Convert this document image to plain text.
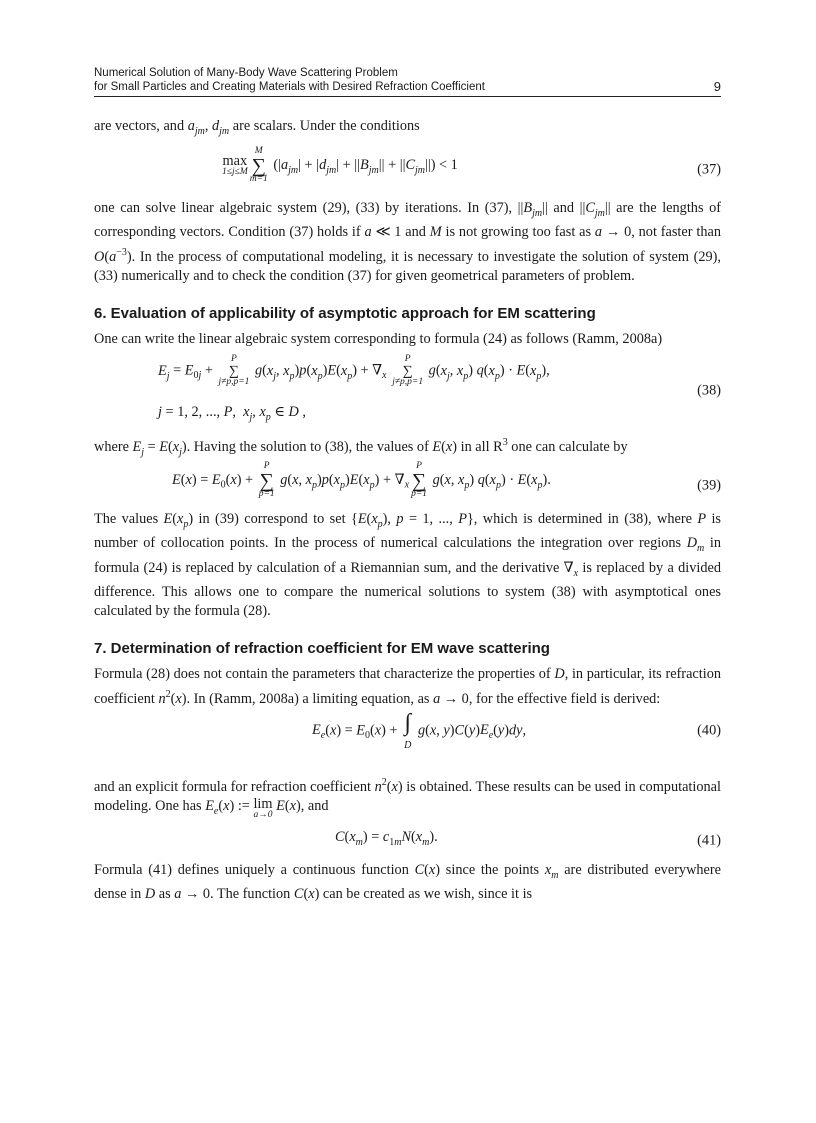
Numerical Solution of Many-Body Wave Scattering Problem
for Small Particles and Creating Materials with Desired Refraction Coefficient	9

are vectors, and $a_{jm}$, $d_{jm}$ are scalars. Under the conditions

max
1≤j≤M
M
∑
m=1
$(|a_{jm}| + |d_{jm}| + ||B_{jm}|| + ||C_{jm}||) < 1$	(37)

one can solve linear algebraic system (29), (33) by iterations. In (37), $||B_{jm}||$ and $||C_{jm}||$ are the lengths of corresponding vectors. Condition (37) holds if a ≪ 1 and M is not growing too fast as a → 0, not faster than $O(a^{-3})$. In the process of computational modeling, it is necessary to investigate the solution of system (29), (33) numerically and to check the condition (37) for given geometrical parameters of problem.

6. Evaluation of applicability of asymptotic approach for EM scattering

One can write the linear algebraic system corresponding to formula (24) as follows (Ramm, 2008a)

$E_j = E_{0j}$ +
P
∑
j≠p,p=1
$g(x_j$, $x_p)p(x_p)E(x_p) + \nabla_x$
P
∑
j≠p,p=1
$g(x_j$, $x_p$) $q(x_p) \cdot E(x_p)$,
j = 1, 2, ..., P,  $x_j$, $x_p$ ∈ D ,
(38)

where $E_j = E(x_j)$. Having the solution to (38), the values of E(x) in all $R^3$ one can calculate by

$E(x) = E_0(x)$ +
P
∑
p=1
g(x, $x_p)p(x_p)E(x_p) + \nabla_x$
P
∑
p=1
g(x, $x_p$) $q(x_p) \cdot E(x_p)$.	(39)

The values $E(x_p)$ in (39) correspond to set {$E(x_p)$, p = 1, ..., P}, which is determined in (38), where P is number of collocation points. In the process of numerical calculations the integration over regions $D_m$ in formula (24) is replaced by calculation of a Riemannian sum, and the derivative $\nabla_x$ is replaced by a divided difference. This allows one to compare the numerical solutions to system (38) with asymptotical ones calculated by the formula (28).

7. Determination of refraction coefficient for EM wave scattering

Formula (28) does not contain the parameters that characterize the properties of D, in particular, its refraction coefficient $n^2(x)$. In (Ramm, 2008a) a limiting equation, as a → 0, for the effective field is derived:

$E_e(x) = E_0(x)$ + ∫
D
g(x, $y)C(y)E_e(y)dy$,	(40)

and an explicit formula for refraction coefficient $n^2(x)$ is obtained. These results can be used in computational modeling. One has $E_e(x)$ := lim
a→0
E(x), and

$C(x_m) = c_{1m}N(x_m)$.	(41)

Formula (41) defines uniquely a continuous function C(x) since the points $x_m$ are distributed everywhere dense in D as a → 0. The function C(x) can be created as we wish, since it is
